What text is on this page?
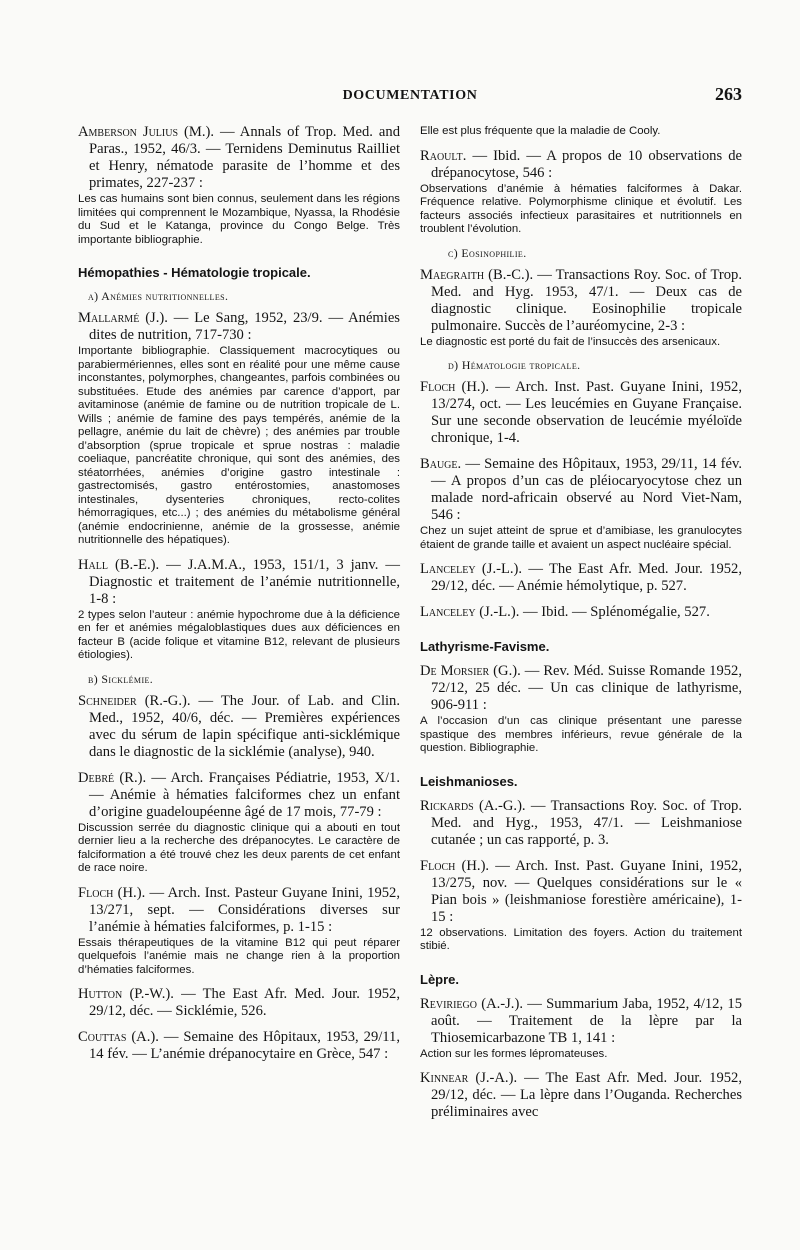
DOCUMENTATION	263

Amberson Julius (M.). — Annals of Trop. Med. and Paras., 1952, 46/3. — Ternidens Deminutus Railliet et Henry, nématode parasite de l’homme et des primates, 227-237 :

Les cas humains sont bien connus, seulement dans les régions limitées qui comprennent le Mozambique, Nyassa, la Rhodésie du Sud et le Katanga, province du Congo Belge. Très importante bibliographie.
Hémopathies - Hématologie tropicale.
a) Anémies nutritionnelles.

Mallarmé (J.). — Le Sang, 1952, 23/9. — Anémies dites de nutrition, 717-730 :

Importante bibliographie. Classiquement macrocytiques ou parabiermériennes, elles sont en réalité pour une même cause inconstantes, polymorphes, changeantes, parfois combinées ou substituées. Etude des anémies par carence d’apport, par avitaminose (anémie de famine ou de nutrition tropicale de L. Wills ; anémie de famine des pays tempérés, anémie de la pellagre, anémie du lait de chèvre) ; des anémies par trouble d’absorption (sprue tropicale et sprue nostras : maladie coeliaque, pancréatite chronique, qui sont des anémies, des stéatorrhées, anémies d’origine gastro intestinale : gastrectomisés, gastro entérostomies, anastomoses intestinales, dysenteries chroniques, recto-colites hémorragiques, etc...) ; des anémies du métabolisme général (anémie endocrinienne, anémie de la grossesse, anémie nutritionnelle des hépatiques).

Hall (B.-E.). — J.A.M.A., 1953, 151/1, 3 janv. — Diagnostic et traitement de l’anémie nutritionnelle, 1-8 :

2 types selon l’auteur : anémie hypochrome due à la déficience en fer et anémies mégaloblastiques dues aux déficiences en facteur B (acide folique et vitamine B12, relevant de plusieurs étiologies).
b) Sicklémie.

Schneider (R.-G.). — The Jour. of Lab. and Clin. Med., 1952, 40/6, déc. — Premières expériences avec du sérum de lapin spécifique anti-sicklémique dans le diagnostic de la sicklémie (analyse), 940.

Debré (R.). — Arch. Françaises Pédiatrie, 1953, X/1. — Anémie à hématies falciformes chez un enfant d’origine guadeloupéenne âgé de 17 mois, 77-79 :

Discussion serrée du diagnostic clinique qui a abouti en tout dernier lieu a la recherche des drépanocytes. Le caractère de falciformation a été trouvé chez les deux parents de cet enfant de race noire.

Floch (H.). — Arch. Inst. Pasteur Guyane Inini, 1952, 13/271, sept. — Considérations diverses sur l’anémie à hématies falciformes, p. 1-15 :

Essais thérapeutiques de la vitamine B12 qui peut réparer quelquefois l’anémie mais ne change rien à la proportion d’hématies falciformes.

Hutton (P.-W.). — The East Afr. Med. Jour. 1952, 29/12, déc. — Sicklémie, 526.

Couttas (A.). — Semaine des Hôpitaux, 1953, 29/11, 14 fév. — L’anémie drépanocytaire en Grèce, 547 :

Elle est plus fréquente que la maladie de Cooly.

Raoult. — Ibid. — A propos de 10 observations de drépanocytose, 546 :

Observations d’anémie à hématies falciformes à Dakar. Fréquence relative. Polymorphisme clinique et évolutif. Les facteurs associés infectieux parasitaires et nutritionnels en troublent l’évolution.
c) Eosinophilie.

Maegraith (B.-C.). — Transactions Roy. Soc. of Trop. Med. and Hyg. 1953, 47/1. — Deux cas de diagnostic clinique. Eosinophilie tropicale pulmonaire. Succès de l’auréomycine, 2-3 :

Le diagnostic est porté du fait de l’insuccès des arsenicaux.
d) Hématologie tropicale.

Floch (H.). — Arch. Inst. Past. Guyane Inini, 1952, 13/274, oct. — Les leucémies en Guyane Française. Sur une seconde observation de leucémie myéloïde chronique, 1-4.

Bauge. — Semaine des Hôpitaux, 1953, 29/11, 14 fév. — A propos d’un cas de pléiocaryocytose chez un malade nord-africain observé au Nord Viet-Nam, 546 :

Chez un sujet atteint de sprue et d’amibiase, les granulocytes étaient de grande taille et avaient un aspect nucléaire spécial.

Lanceley (J.-L.). — The East Afr. Med. Jour. 1952, 29/12, déc. — Anémie hémolytique, p. 527.

Lanceley (J.-L.). — Ibid. — Splénomégalie, 527.

Lathyrisme-Favisme.

De Morsier (G.). — Rev. Méd. Suisse Romande 1952, 72/12, 25 déc. — Un cas clinique de lathyrisme, 906-911 :

A l’occasion d’un cas clinique présentant une paresse spastique des membres inférieurs, revue générale de la question. Bibliographie.
Leishmanioses.

Rickards (A.-G.). — Transactions Roy. Soc. of Trop. Med. and Hyg., 1953, 47/1. — Leishmaniose cutanée ; un cas rapporté, p. 3.

Floch (H.). — Arch. Inst. Past. Guyane Inini, 1952, 13/275, nov. — Quelques considérations sur le « Pian bois » (leishmaniose forestière américaine), 1-15 :

12 observations. Limitation des foyers. Action du traitement stibié.
Lèpre.

Reviriego (A.-J.). — Summarium Jaba, 1952, 4/12, 15 août. — Traitement de la lèpre par la Thiosemicarbazone TB 1, 141 :

Action sur les formes lépromateuses.

Kinnear (J.-A.). — The East Afr. Med. Jour. 1952, 29/12, déc. — La lèpre dans l’Ouganda. Recherches préliminaires avec
